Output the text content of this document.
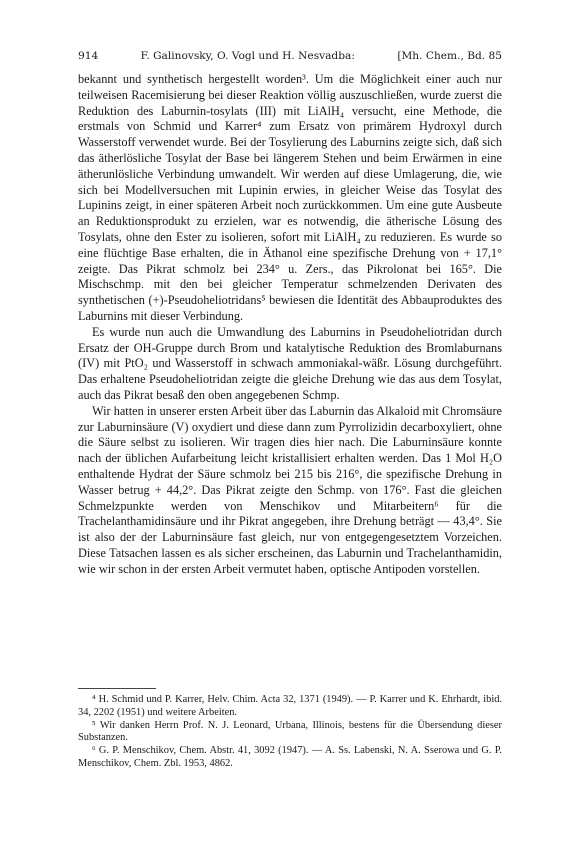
914	F. Galinovsky, O. Vogl und H. Nesvadba:	[Mh. Chem., Bd. 85

bekannt und synthetisch hergestellt worden³. Um die Möglichkeit einer auch nur teilweisen Racemisierung bei dieser Reaktion völlig auszuschließen, wurde zuerst die Reduktion des Laburnin-tosylats (III) mit LiAlH₄ versucht, eine Methode, die erstmals von Schmid und Karrer⁴ zum Ersatz von primärem Hydroxyl durch Wasserstoff verwendet wurde. Bei der Tosylierung des Laburnins zeigte sich, daß sich das ätherlösliche Tosylat der Base bei längerem Stehen und beim Erwärmen in eine ätherunlösliche Verbindung umwandelt. Wir werden auf diese Umlagerung, die, wie sich bei Modellversuchen mit Lupinin erwies, in gleicher Weise das Tosylat des Lupinins zeigt, in einer späteren Arbeit noch zurückkommen. Um eine gute Ausbeute an Reduktionsprodukt zu erzielen, war es notwendig, die ätherische Lösung des Tosylats, ohne den Ester zu isolieren, sofort mit LiAlH₄ zu reduzieren. Es wurde so eine flüchtige Base erhalten, die in Äthanol eine spezifische Drehung von + 17,1° zeigte. Das Pikrat schmolz bei 234° u. Zers., das Pikrolonat bei 165°. Die Mischschmp. mit den bei gleicher Temperatur schmelzenden Derivaten des synthetischen (+)-Pseudoheliotridans⁵ bewiesen die Identität des Abbauproduktes des Laburnins mit dieser Verbindung.

Es wurde nun auch die Umwandlung des Laburnins in Pseudoheliotridan durch Ersatz der OH-Gruppe durch Brom und katalytische Reduktion des Bromlaburnans (IV) mit PtO₂ und Wasserstoff in schwach ammoniakal-wäßr. Lösung durchgeführt. Das erhaltene Pseudoheliotridan zeigte die gleiche Drehung wie das aus dem Tosylat, auch das Pikrat besaß den oben angegebenen Schmp.

Wir hatten in unserer ersten Arbeit über das Laburnin das Alkaloid mit Chromsäure zur Laburninsäure (V) oxydiert und diese dann zum Pyrrolizidin decarboxyliert, ohne die Säure selbst zu isolieren. Wir tragen dies hier nach. Die Laburninsäure konnte nach der üblichen Aufarbeitung leicht kristallisiert erhalten werden. Das 1 Mol H₂O enthaltende Hydrat der Säure schmolz bei 215 bis 216°, die spezifische Drehung in Wasser betrug + 44,2°. Das Pikrat zeigte den Schmp. von 176°. Fast die gleichen Schmelzpunkte werden von Menschikov und Mitarbeitern⁶ für die Trachelanthamidinsäure und ihr Pikrat angegeben, ihre Drehung beträgt — 43,4°. Sie ist also der der Laburninsäure fast gleich, nur von entgegengesetztem Vorzeichen. Diese Tatsachen lassen es als sicher erscheinen, das Laburnin und Trachelanthamidin, wie wir schon in der ersten Arbeit vermutet haben, optische Antipoden vorstellen.

⁴ H. Schmid und P. Karrer, Helv. Chim. Acta 32, 1371 (1949). — P. Karrer und K. Ehrhardt, ibid. 34, 2202 (1951) und weitere Arbeiten.

⁵ Wir danken Herrn Prof. N. J. Leonard, Urbana, Illinois, bestens für die Übersendung dieser Substanzen.

⁶ G. P. Menschikov, Chem. Abstr. 41, 3092 (1947). — A. Ss. Labenski, N. A. Sserowa und G. P. Menschikov, Chem. Zbl. 1953, 4862.
